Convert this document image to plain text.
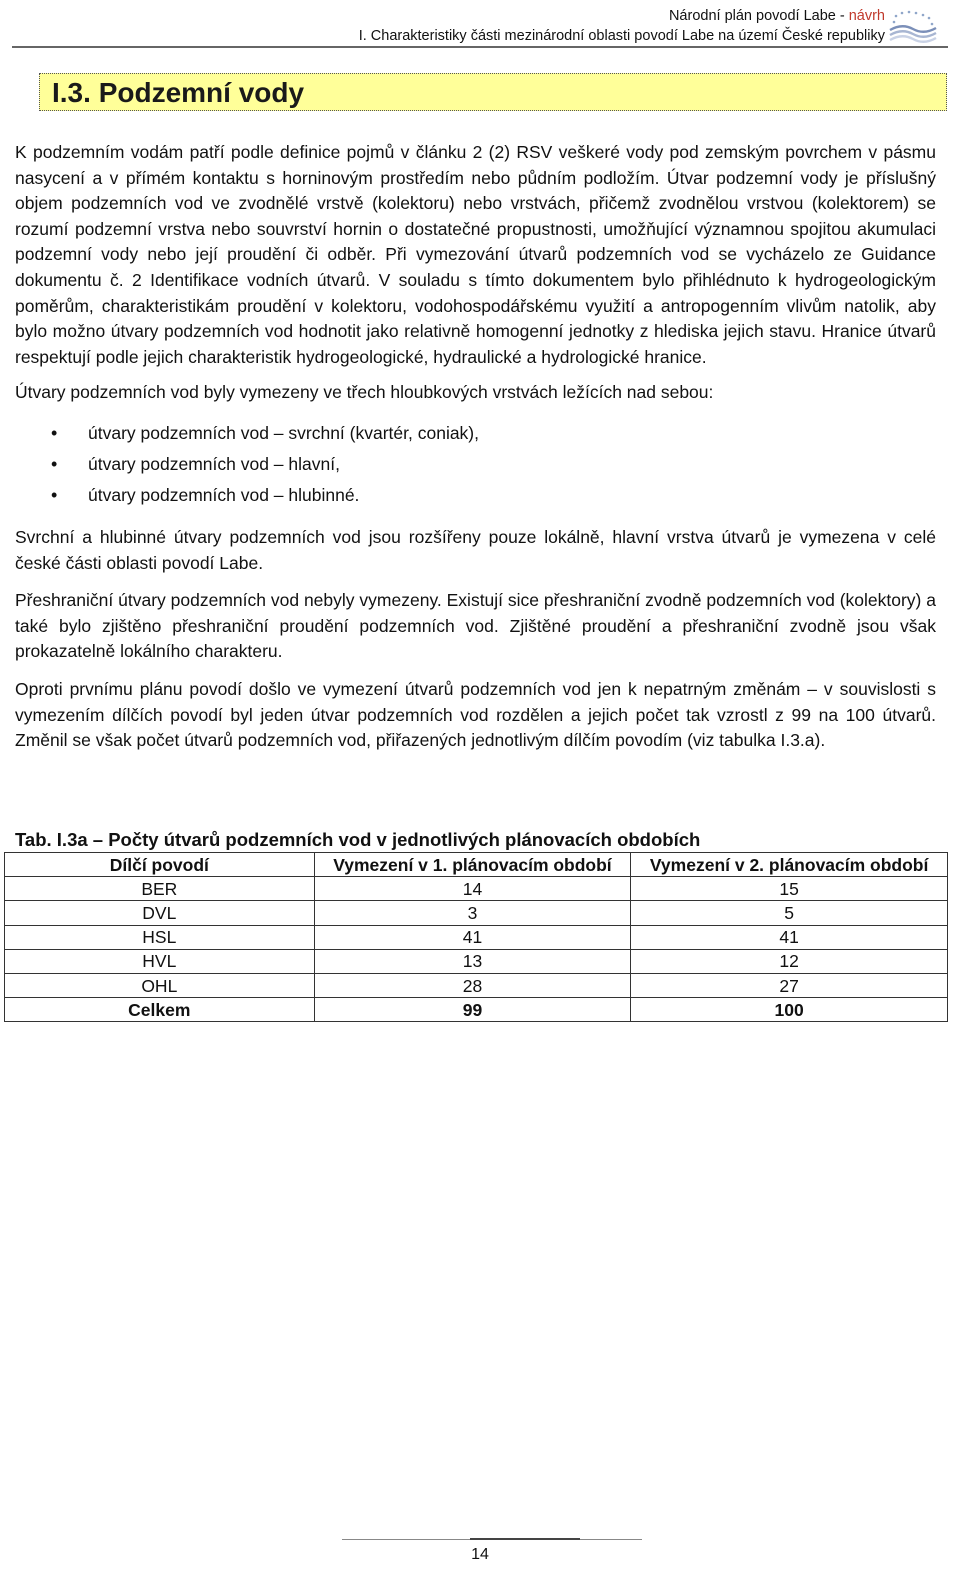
Národní plán povodí Labe - návrh
I. Charakteristiky části mezinárodní oblasti povodí Labe na území České republiky
I.3. Podzemní vody

K podzemním vodám patří podle definice pojmů v článku 2 (2) RSV veškeré vody pod zemským povrchem v pásmu nasycení a v přímém kontaktu s horninovým prostředím nebo půdním podložím. Útvar podzemní vody je příslušný objem podzemních vod ve zvodnělé vrstvě (kolektoru) nebo vrstvách, přičemž zvodnělou vrstvou (kolektorem) se rozumí podzemní vrstva nebo souvrství hornin o dostatečné propustnosti, umožňující významnou spojitou akumulaci podzemní vody nebo její proudění či odběr. Při vymezování útvarů podzemních vod se vycházelo ze Guidance dokumentu č. 2 Identifikace vodních útvarů. V souladu s tímto dokumentem bylo přihlédnuto k hydrogeologickým poměrům, charakteristikám proudění v kolektoru, vodohospodářskému využití a antropogenním vlivům natolik, aby bylo možno útvary podzemních vod hodnotit jako relativně homogenní jednotky z hlediska jejich stavu. Hranice útvarů respektují podle jejich charakteristik hydrogeologické, hydraulické a hydrologické hranice.

Útvary podzemních vod byly vymezeny ve třech hloubkových vrstvách ležících nad sebou:

• útvary podzemních vod – svrchní (kvartér, coniak),
• útvary podzemních vod – hlavní,
• útvary podzemních vod – hlubinné.

Svrchní a hlubinné útvary podzemních vod jsou rozšířeny pouze lokálně, hlavní vrstva útvarů je vymezena v celé české části oblasti povodí Labe.

Přeshraniční útvary podzemních vod nebyly vymezeny. Existují sice přeshraniční zvodně podzemních vod (kolektory) a také bylo zjištěno přeshraniční proudění podzemních vod. Zjištěné proudění a přeshraniční zvodně jsou však prokazatelně lokálního charakteru.

Oproti prvnímu plánu povodí došlo ve vymezení útvarů podzemních vod jen k nepatrným změnám – v souvislosti s vymezením dílčích povodí byl jeden útvar podzemních vod rozdělen a jejich počet tak vzrostl z 99 na 100 útvarů. Změnil se však počet útvarů podzemních vod, přiřazených jednotlivým dílčím povodím (viz tabulka I.3.a).

Tab. I.3a – Počty útvarů podzemních vod v jednotlivých plánovacích obdobích
Dílčí povodí	Vymezení v 1. plánovacím období	Vymezení v 2. plánovacím období
BER	14	15
DVL	3	5
HSL	41	41
HVL	13	12
OHL	28	27
Celkem	99	100
14
